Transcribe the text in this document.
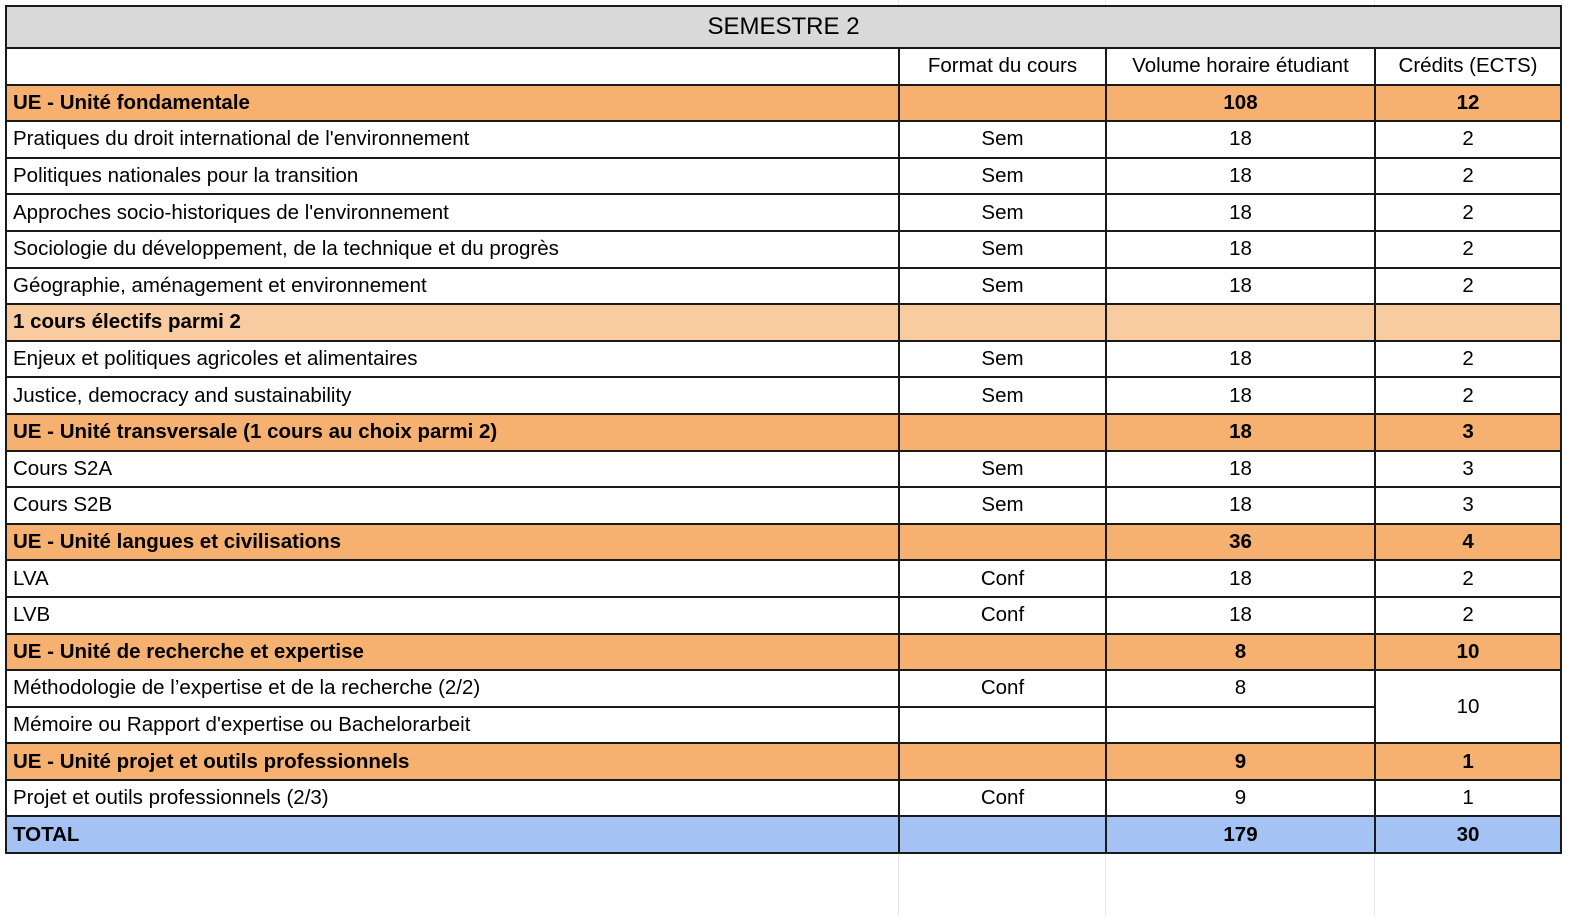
SEMESTRE 2			
	Format du cours	Volume horaire étudiant	Crédits (ECTS)
UE - Unité fondamentale		108	12
Pratiques du droit international de l'environnement	Sem	18	2
Politiques nationales pour la transition	Sem	18	2
Approches socio-historiques de l'environnement	Sem	18	2
Sociologie du développement, de la technique et du progrès	Sem	18	2
Géographie, aménagement et environnement	Sem	18	2
1 cours électifs parmi 2			
Enjeux et politiques agricoles et alimentaires	Sem	18	2
Justice, democracy and sustainability	Sem	18	2
UE - Unité transversale (1 cours au choix parmi 2)		18	3
Cours S2A	Sem	18	3
Cours S2B	Sem	18	3
UE - Unité langues et civilisations		36	4
LVA	Conf	18	2
LVB	Conf	18	2
UE - Unité de recherche et expertise		8	10
Méthodologie de l’expertise et de la recherche (2/2)	Conf	8	10
Mémoire ou Rapport d'expertise ou Bachelorarbeit			
UE - Unité projet et outils professionnels		9	1
Projet et outils professionnels (2/3)	Conf	9	1
TOTAL		179	30
